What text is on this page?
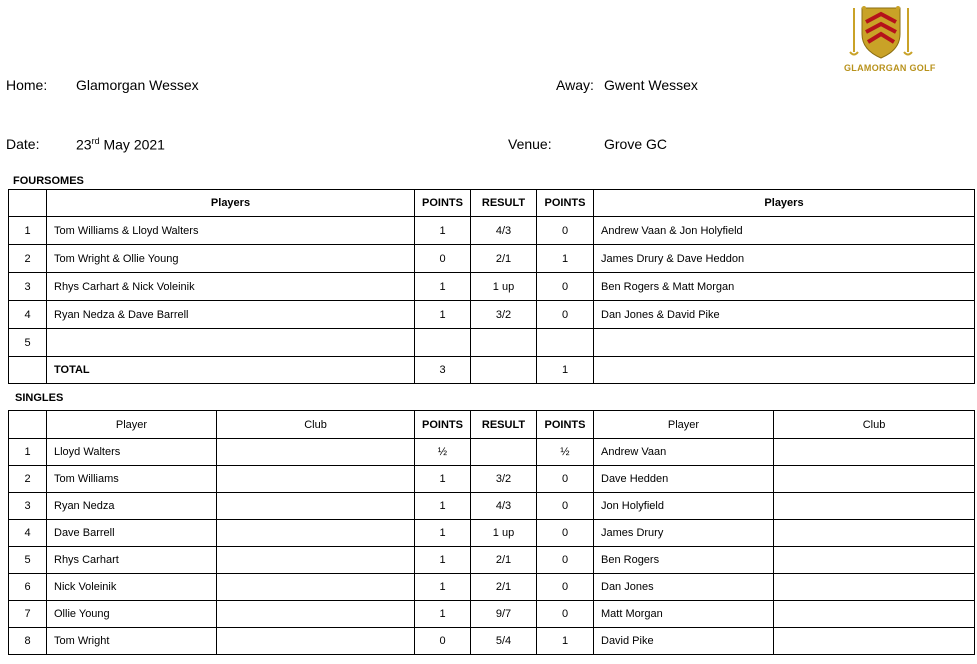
GLAMORGAN GOLF
Home: Glamorgan Wessex	Away: Gwent Wessex
Date:	23rd May 2021	Venue:	Grove GC
FOURSOMES
	Players	POINTS	RESULT	POINTS	Players
1	Tom Williams & Lloyd Walters	1	4/3	0	Andrew Vaan & Jon Holyfield
2	Tom Wright & Ollie Young	0	2/1	1	James Drury & Dave Heddon
3	Rhys Carhart & Nick Voleinik	1	1 up	0	Ben Rogers & Matt Morgan
4	Ryan Nedza & Dave Barrell	1	3/2	0	Dan Jones & David Pike
5					
	TOTAL	3		1	
SINGLES
	Player	Club	POINTS	RESULT	POINTS	Player	Club
1	Lloyd Walters		½		½	Andrew Vaan	
2	Tom Williams		1	3/2	0	Dave Hedden	
3	Ryan Nedza		1	4/3	0	Jon Holyfield	
4	Dave Barrell		1	1 up	0	James Drury	
5	Rhys Carhart		1	2/1	0	Ben Rogers	
6	Nick Voleinik		1	2/1	0	Dan Jones	
7	Ollie Young		1	9/7	0	Matt Morgan	
8	Tom Wright		0	5/4	1	David Pike	
